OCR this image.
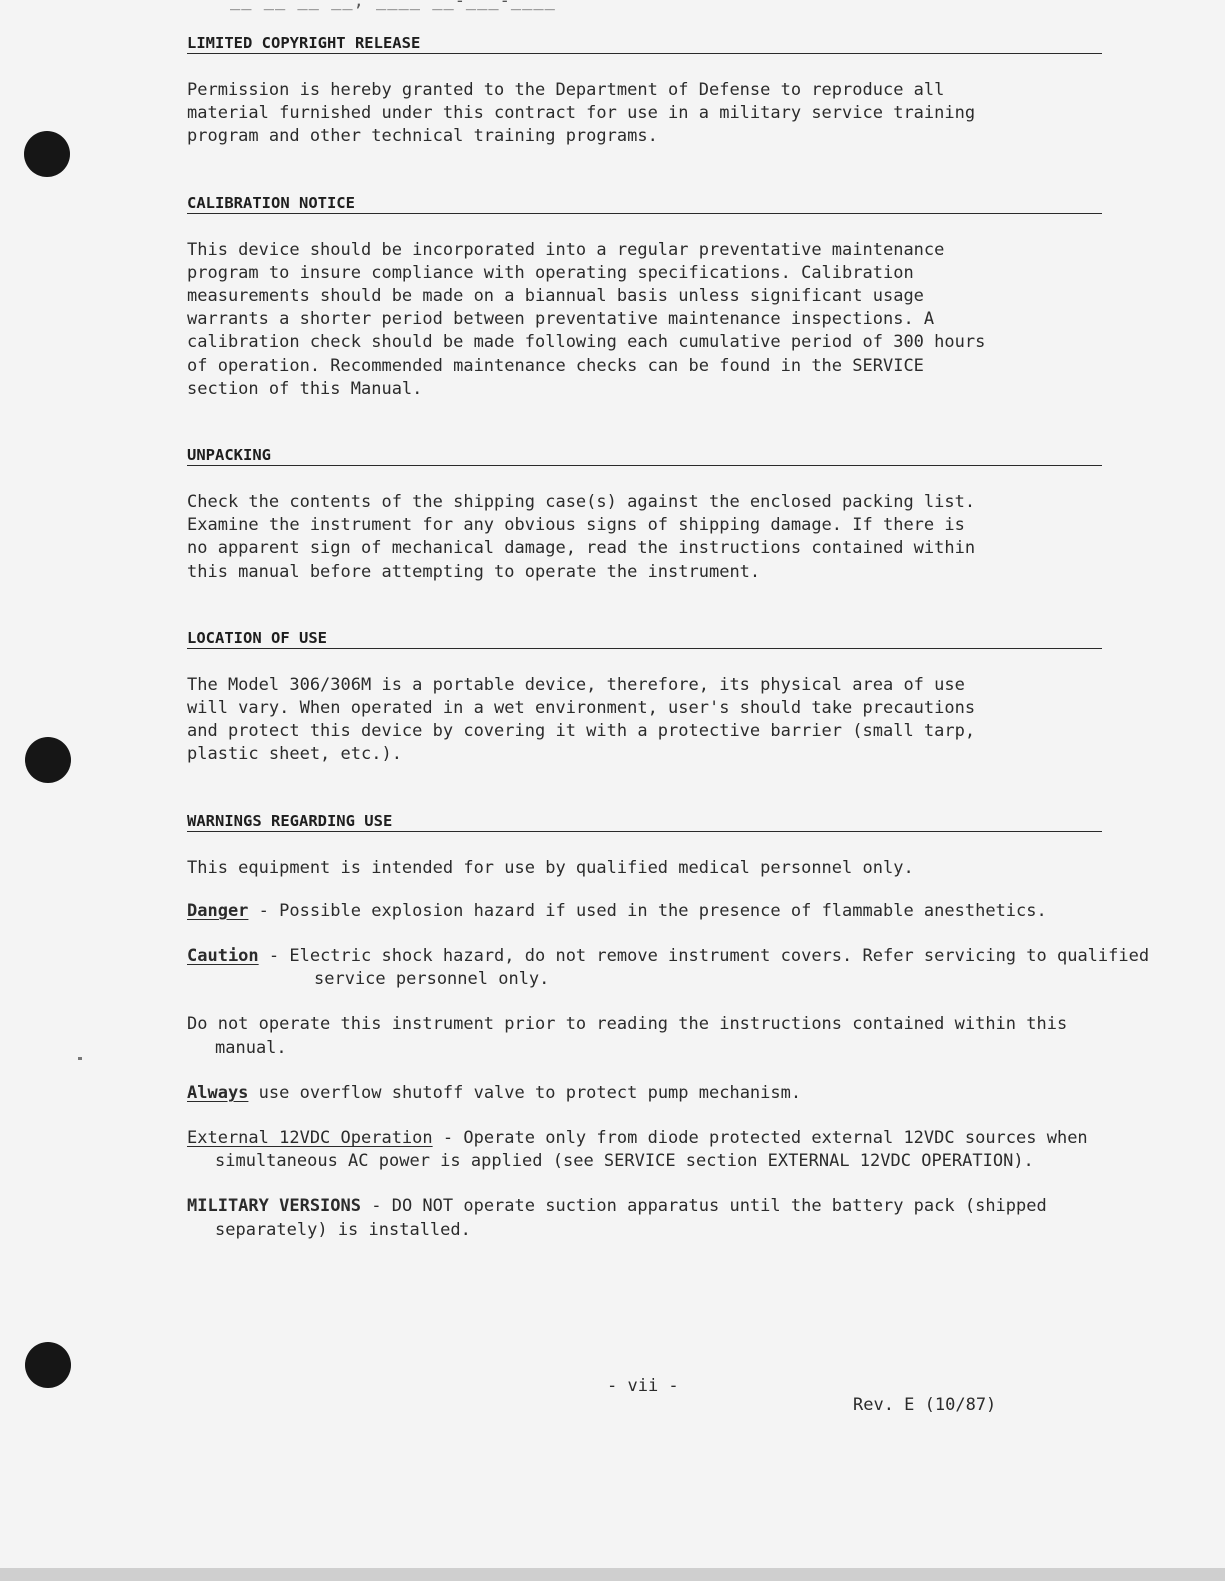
__ __ __ __, ____ __-___-____
LIMITED COPYRIGHT RELEASE

Permission is hereby granted to the Department of Defense to reproduce all
material furnished under this contract for use in a military service training
program and other technical training programs.

CALIBRATION NOTICE

This device should be incorporated into a regular preventative maintenance
program to insure compliance with operating specifications. Calibration
measurements should be made on a biannual basis unless significant usage
warrants a shorter period between preventative maintenance inspections. A
calibration check should be made following each cumulative period of 300 hours
of operation. Recommended maintenance checks can be found in the SERVICE
section of this Manual.

UNPACKING

Check the contents of the shipping case(s) against the enclosed packing list.
Examine the instrument for any obvious signs of shipping damage. If there is
no apparent sign of mechanical damage, read the instructions contained within
this manual before attempting to operate the instrument.

LOCATION OF USE

The Model 306/306M is a portable device, therefore, its physical area of use
will vary. When operated in a wet environment, user's should take precautions
and protect this device by covering it with a protective barrier (small tarp,
plastic sheet, etc.).

WARNINGS REGARDING USE

This equipment is intended for use by qualified medical personnel only.

Danger - Possible explosion hazard if used in the presence of flammable anesthetics.

Caution - Electric shock hazard, do not remove instrument covers. Refer servicing to qualified service personnel only.

Do not operate this instrument prior to reading the instructions contained within this manual.

Always use overflow shutoff valve to protect pump mechanism.

External 12VDC Operation - Operate only from diode protected external 12VDC sources when simultaneous AC power is applied (see SERVICE section EXTERNAL 12VDC OPERATION).

MILITARY VERSIONS - DO NOT operate suction apparatus until the battery pack (shipped separately) is installed.

- vii -
Rev. E (10/87)
